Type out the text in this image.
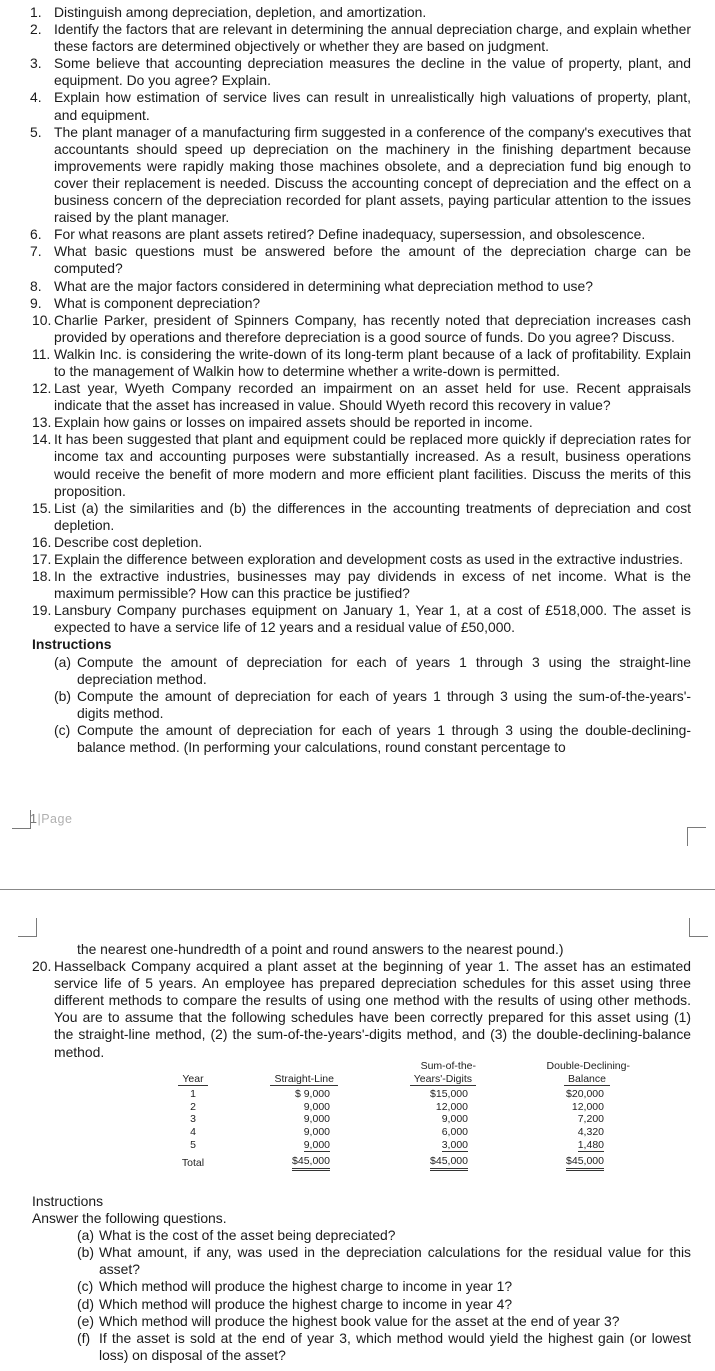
1. Distinguish among depreciation, depletion, and amortization.
2. Identify the factors that are relevant in determining the annual depreciation charge, and explain whether these factors are determined objectively or whether they are based on judgment.
3. Some believe that accounting depreciation measures the decline in the value of property, plant, and equipment. Do you agree? Explain.
4. Explain how estimation of service lives can result in unrealistically high valuations of property, plant, and equipment.
5. The plant manager of a manufacturing firm suggested in a conference of the company's executives that accountants should speed up depreciation on the machinery in the finishing department because improvements were rapidly making those machines obsolete, and a depreciation fund big enough to cover their replacement is needed. Discuss the accounting concept of depreciation and the effect on a business concern of the depreciation recorded for plant assets, paying particular attention to the issues raised by the plant manager.
6. For what reasons are plant assets retired? Define inadequacy, supersession, and obsolescence.
7. What basic questions must be answered before the amount of the depreciation charge can be computed?
8. What are the major factors considered in determining what depreciation method to use?
9. What is component depreciation?
10. Charlie Parker, president of Spinners Company, has recently noted that depreciation increases cash provided by operations and therefore depreciation is a good source of funds. Do you agree? Discuss.
11. Walkin Inc. is considering the write-down of its long-term plant because of a lack of profitability. Explain to the management of Walkin how to determine whether a write-down is permitted.
12. Last year, Wyeth Company recorded an impairment on an asset held for use. Recent appraisals indicate that the asset has increased in value. Should Wyeth record this recovery in value?
13. Explain how gains or losses on impaired assets should be reported in income.
14. It has been suggested that plant and equipment could be replaced more quickly if depreciation rates for income tax and accounting purposes were substantially increased. As a result, business operations would receive the benefit of more modern and more efficient plant facilities. Discuss the merits of this proposition.
15. List (a) the similarities and (b) the differences in the accounting treatments of depreciation and cost depletion.
16. Describe cost depletion.
17. Explain the difference between exploration and development costs as used in the extractive industries.
18. In the extractive industries, businesses may pay dividends in excess of net income. What is the maximum permissible? How can this practice be justified?
19. Lansbury Company purchases equipment on January 1, Year 1, at a cost of £518,000. The asset is expected to have a service life of 12 years and a residual value of £50,000.
Instructions
(a) Compute the amount of depreciation for each of years 1 through 3 using the straight-line depreciation method.
(b) Compute the amount of depreciation for each of years 1 through 3 using the sum-of-the-years'-digits method.
(c) Compute the amount of depreciation for each of years 1 through 3 using the double-declining-balance method. (In performing your calculations, round constant percentage to
1|Page
the nearest one-hundredth of a point and round answers to the nearest pound.)
20. Hasselback Company acquired a plant asset at the beginning of year 1. The asset has an estimated service life of 5 years. An employee has prepared depreciation schedules for this asset using three different methods to compare the results of using one method with the results of using other methods. You are to assume that the following schedules have been correctly prepared for this asset using (1) the straight-line method, (2) the sum-of-the-years'-digits method, and (3) the double-declining-balance method.
Year	Straight-Line	Sum-of-the-
Years'-Digits	Double-Declining-
Balance
1	$ 9,000	$15,000	$20,000
2	9,000	12,000	12,000
3	9,000	9,000	7,200
4	9,000	6,000	4,320
5	9,000	3,000	1,480
Total	$45,000	$45,000	$45,000
Instructions
Answer the following questions.
(a) What is the cost of the asset being depreciated?
(b) What amount, if any, was used in the depreciation calculations for the residual value for this asset?
(c) Which method will produce the highest charge to income in year 1?
(d) Which method will produce the highest charge to income in year 4?
(e) Which method will produce the highest book value for the asset at the end of year 3?
(f) If the asset is sold at the end of year 3, which method would yield the highest gain (or lowest loss) on disposal of the asset?
